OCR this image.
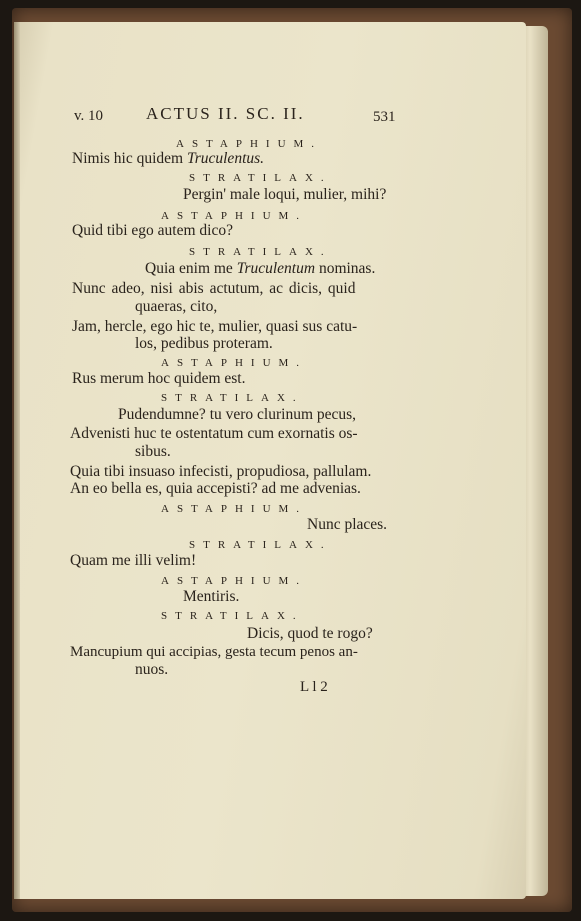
v. 10	ACTUS II. SC. II.	531
ASTAPHIUM.
Nimis hic quidem Truculentus.
STRATILAX.
Pergin' male loqui, mulier, mihi?
ASTAPHIUM.
Quid tibi ego autem dico?
STRATILAX.
Quia enim me Truculentum nominas.
Nunc adeo, nisi abis actutum, ac dicis, quid
quaeras, cito,
Jam, hercle, ego hic te, mulier, quasi sus catu-
los, pedibus proteram.
ASTAPHIUM.
Rus merum hoc quidem est.
STRATILAX.
Pudendumne? tu vero clurinum pecus,
Advenisti huc te ostentatum cum exornatis os-
sibus.
Quia tibi insuaso infecisti, propudiosa, pallulam.
An eo bella es, quia accepisti? ad me advenias.
ASTAPHIUM.
Nunc places.
STRATILAX.
Quam me illi velim!
ASTAPHIUM.
Mentiris.
STRATILAX.
Dicis, quod te rogo?
Mancupium qui accipias, gesta tecum penos an-
nuos.
L l 2
